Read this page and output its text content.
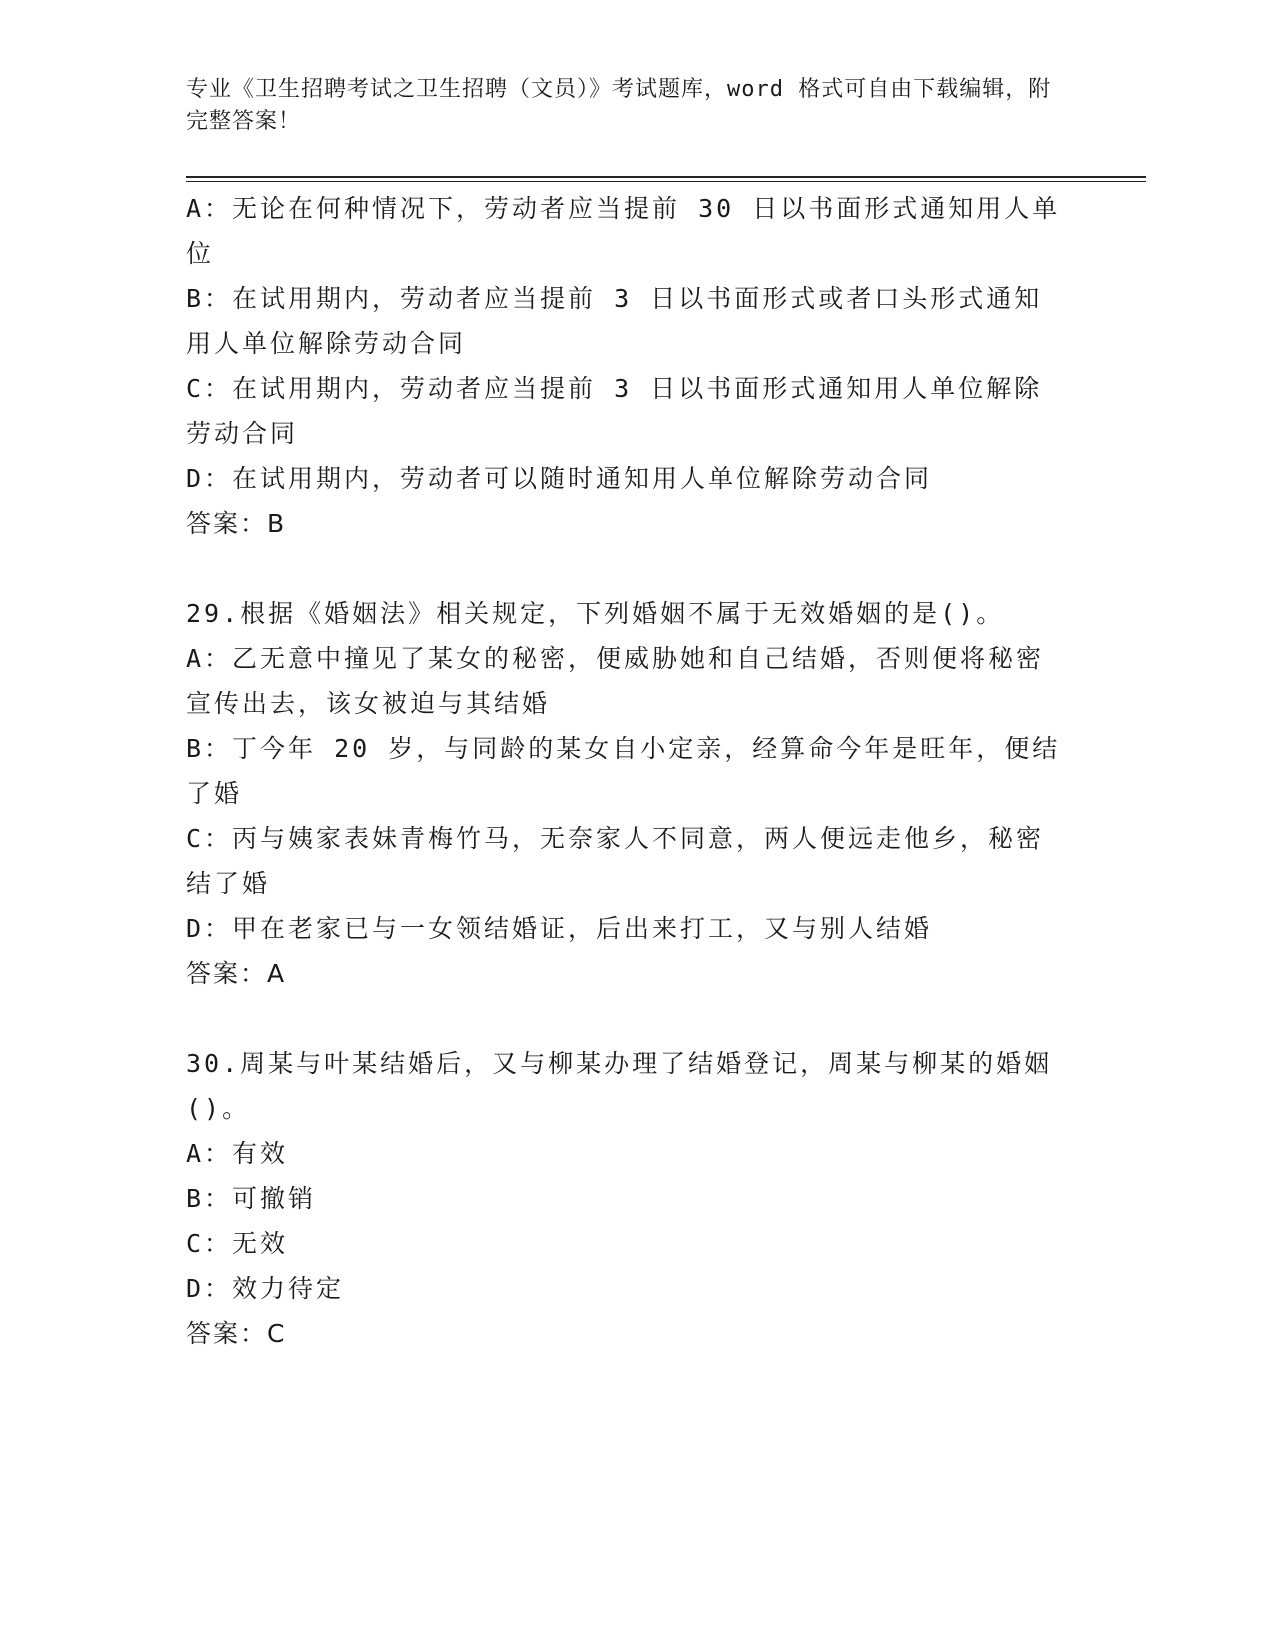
专业《卫生招聘考试之卫生招聘（文员）》考试题库，word 格式可自由下载编辑，附完整答案！
A：无论在何种情况下，劳动者应当提前 30 日以书面形式通知用人单位
B：在试用期内，劳动者应当提前 3 日以书面形式或者口头形式通知用人单位解除劳动合同
C：在试用期内，劳动者应当提前 3 日以书面形式通知用人单位解除劳动合同
D：在试用期内，劳动者可以随时通知用人单位解除劳动合同
答案：B
29.根据《婚姻法》相关规定，下列婚姻不属于无效婚姻的是()。
A：乙无意中撞见了某女的秘密，便威胁她和自己结婚，否则便将秘密宣传出去，该女被迫与其结婚
B：丁今年 20 岁，与同龄的某女自小定亲，经算命今年是旺年，便结了婚
C：丙与姨家表妹青梅竹马，无奈家人不同意，两人便远走他乡，秘密结了婚
D：甲在老家已与一女领结婚证，后出来打工，又与别人结婚
答案：A
30.周某与叶某结婚后，又与柳某办理了结婚登记，周某与柳某的婚姻()。
A：有效
B：可撤销
C：无效
D：效力待定
答案：C
